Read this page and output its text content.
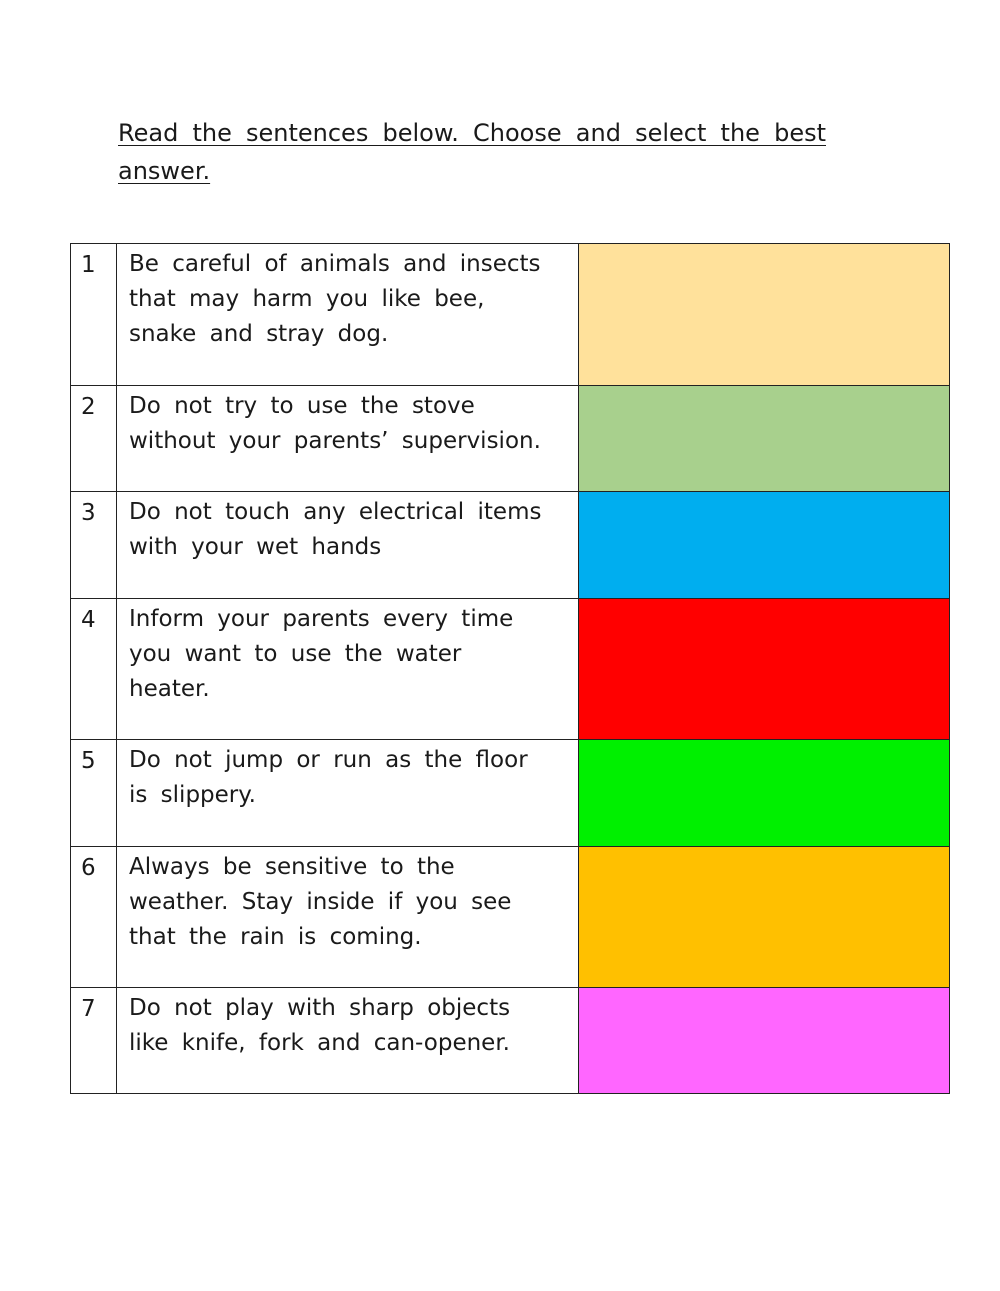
Read the sentences below. Choose and select the best answer.
1	Be careful of animals and insects that may harm you like bee, snake and stray dog.	
2	Do not try to use the stove without your parents’ supervision.	
3	Do not touch any electrical items with your wet hands	
4	Inform your parents every time you want to use the water heater.	
5	Do not jump or run as the floor is slippery.	
6	Always be sensitive to the weather. Stay inside if you see that the rain is coming.	
7	Do not play with sharp objects like knife, fork and can-opener.	
